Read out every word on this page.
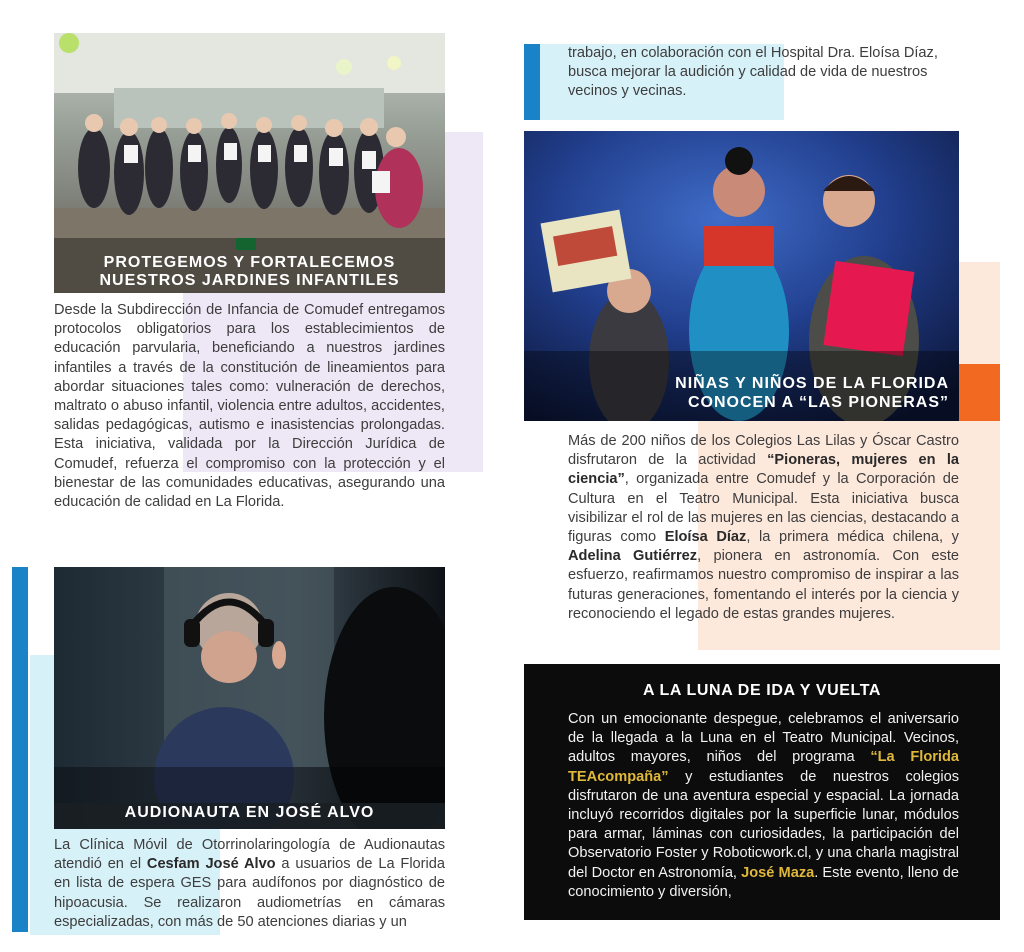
PROTEGEMOS Y FORTALECEMOS
NUESTROS JARDINES INFANTILES
Desde la Subdirección de Infancia de Comudef entregamos protocolos obligatorios para los establecimientos de educación parvularia, beneficiando a nuestros jardines infantiles a través de la constitución de lineamientos para abordar situaciones tales como: vulneración de derechos, maltrato o abuso infantil, violencia entre adultos, accidentes, salidas pedagógicas, autismo e inasistencias prolongadas. Esta iniciativa, validada por la Dirección Jurídica de Comudef, refuerza el compromiso con la protección y el bienestar de las comunidades educativas, asegurando una educación de calidad en La Florida.
AUDIONAUTA EN JOSÉ ALVO
La Clínica Móvil de Otorrinolaringología de Audionautas atendió en el Cesfam José Alvo a usuarios de La Florida en lista de espera GES para audífonos por diagnóstico de hipoacusia. Se realizaron audiometrías en cámaras especializadas, con más de 50 atenciones diarias y un
trabajo, en colaboración con el Hospital Dra. Eloísa Díaz, busca mejorar la audición y calidad de vida de nuestros vecinos y vecinas.
NIÑAS Y NIÑOS DE LA FLORIDA
CONOCEN A “LAS PIONERAS”
Más de 200 niños de los Colegios Las Lilas y Óscar Castro disfrutaron de la actividad “Pioneras, mujeres en la ciencia”, organizada entre Comudef y la Corporación de Cultura en el Teatro Municipal. Esta iniciativa busca visibilizar el rol de las mujeres en las ciencias, destacando a figuras como Eloísa Díaz, la primera médica chilena, y Adelina Gutiérrez, pionera en astronomía. Con este esfuerzo, reafirmamos nuestro compromiso de inspirar a las futuras generaciones, fomentando el interés por la ciencia y reconociendo el legado de estas grandes mujeres.
A LA LUNA DE IDA Y VUELTA
Con un emocionante despegue, celebramos el aniversario de la llegada a la Luna en el Teatro Municipal. Vecinos, adultos mayores, niños del programa “La Florida TEAcompaña” y estudiantes de nuestros colegios disfrutaron de una aventura especial y espacial. La jornada incluyó recorridos digitales por la superficie lunar, módulos para armar, láminas con curiosidades, la participación del Observatorio Foster y Roboticwork.cl, y una charla magistral del Doctor en Astronomía, José Maza. Este evento, lleno de conocimiento y diversión,
